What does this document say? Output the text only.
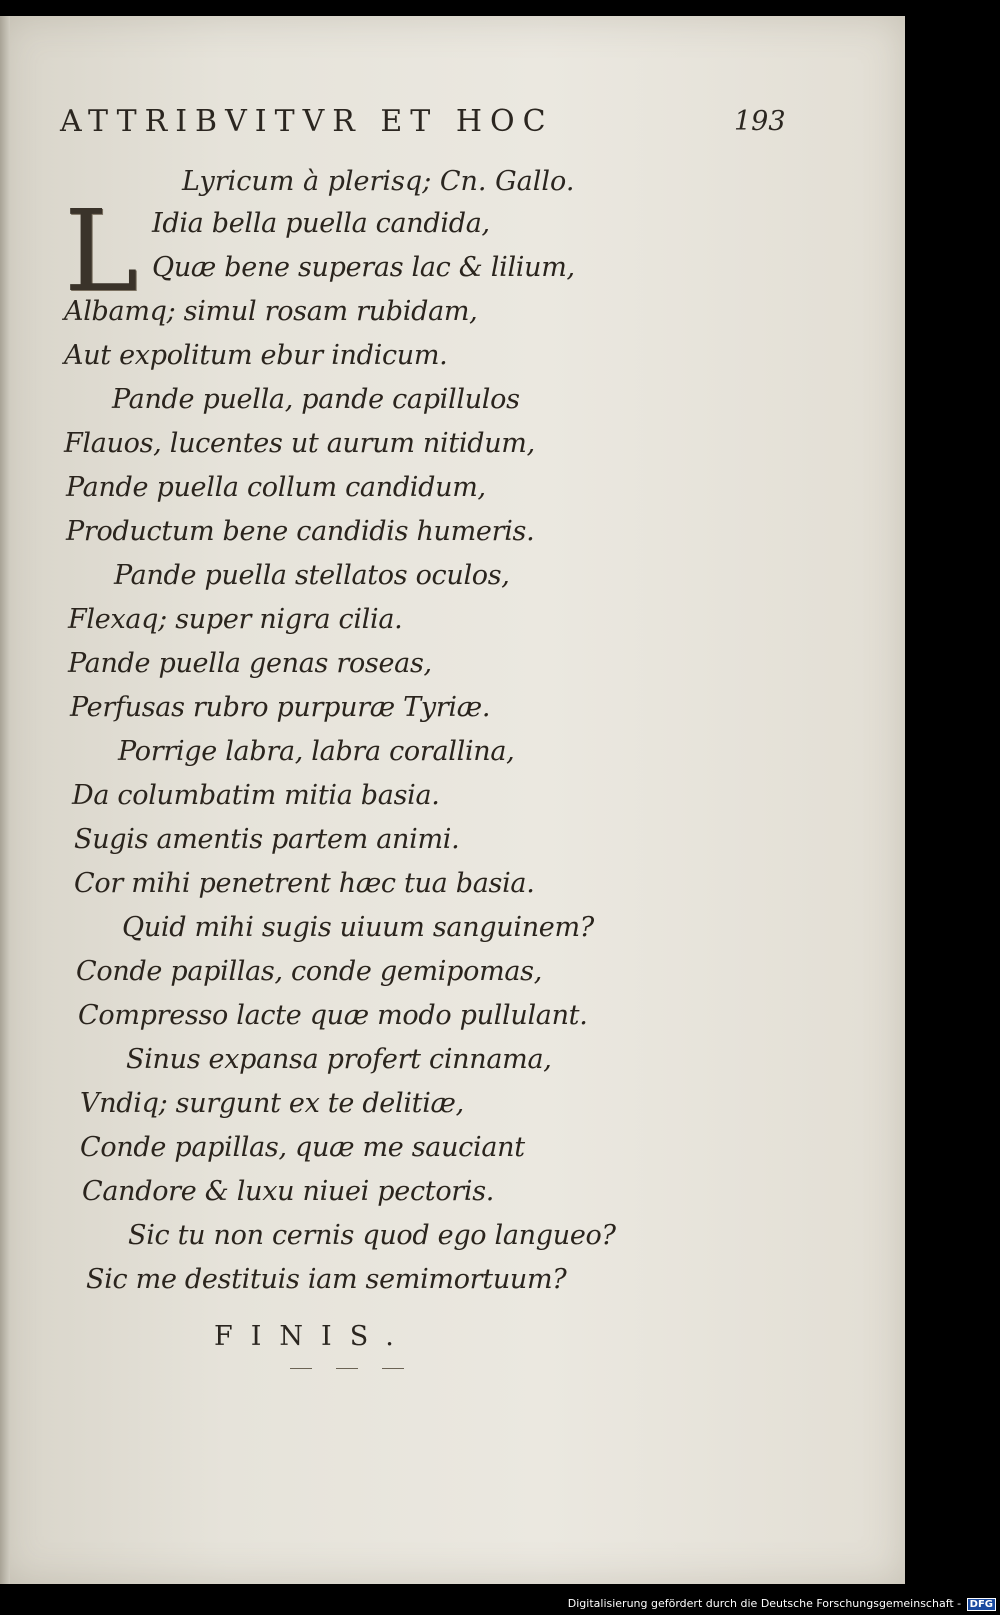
ATTRIBVITVR ET HOC	193
Lyricum à plerisq; Cn. Gallo.
L Idia bella puella candida,
Quæ bene superas lac & lilium,
Albamq; simul rosam rubidam,
Aut expolitum ebur indicum.
Pande puella, pande capillulos
Flauos, lucentes ut aurum nitidum,
Pande puella collum candidum,
Productum bene candidis humeris.
Pande puella stellatos oculos,
Flexaq; super nigra cilia.
Pande puella genas roseas,
Perfusas rubro purpuræ Tyriæ.
Porrige labra, labra corallina,
Da columbatim mitia basia.
Sugis amentis partem animi.
Cor mihi penetrent hæc tua basia.
Quid mihi sugis uiuum sanguinem?
Conde papillas, conde gemipomas,
Compresso lacte quæ modo pullulant.
Sinus expansa profert cinnama,
Vndiq; surgunt ex te delitiæ,
Conde papillas, quæ me sauciant
Candore & luxu niuei pectoris.
Sic tu non cernis quod ego langueo?
Sic me destituis iam semimortuum?
FINIS.
Digitalisierung gefördert durch die Deutsche Forschungsgemeinschaft - DFG
